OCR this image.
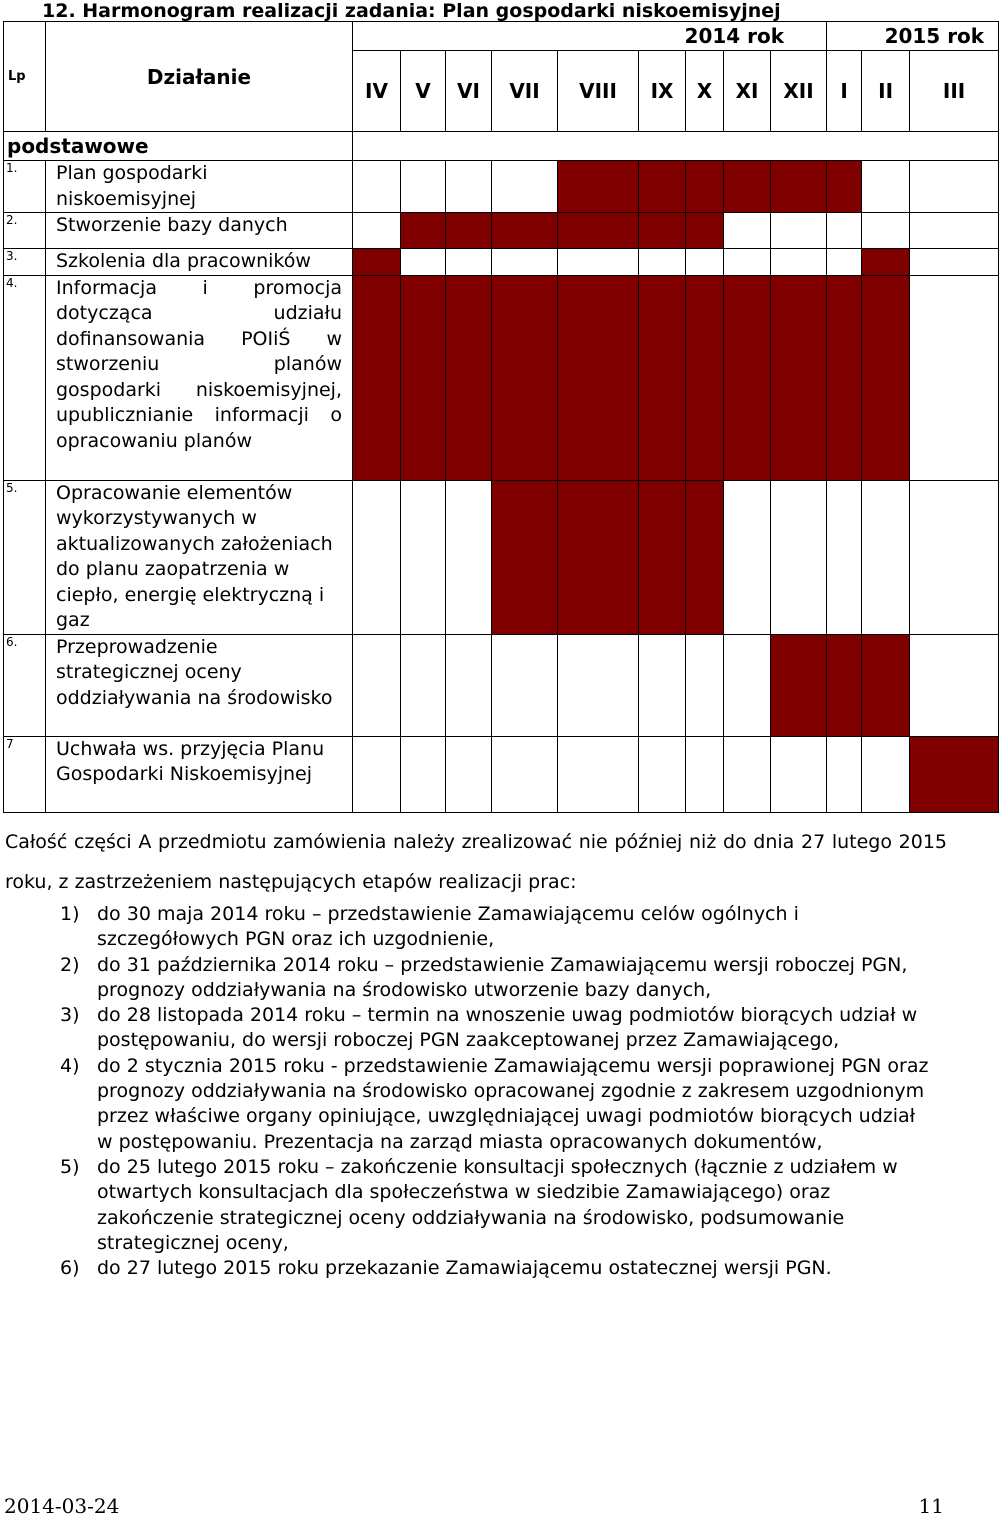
12. Harmonogram realizacji zadania: Plan gospodarki niskoemisyjnej
Lp	Działanie	2014 rok									2015 rok		
		IV	V	VI	VII	VIII	IX	X	XI	XII	I	II	III
podstawowe													
1.	Plan gospodarki niskoemisyjnej												
2.	Stworzenie bazy danych												
3.	Szkolenia dla pracowników												
4.	Informacja i promocja dotycząca udziału dofinansowania POIiŚ w stworzeniu planów gospodarki niskoemisyjnej, upublicznianie informacji o opracowaniu planów												
5.	Opracowanie elementów wykorzystywanych w aktualizowanych założeniach do planu zaopatrzenia w ciepło, energię elektryczną i gaz												
6.	Przeprowadzenie strategicznej oceny oddziaływania na środowisko												
7	Uchwała ws. przyjęcia Planu Gospodarki Niskoemisyjnej												
Całość części A przedmiotu zamówienia należy zrealizować nie później niż do dnia 27 lutego 2015 roku, z zastrzeżeniem następujących etapów realizacji prac:
1) do 30 maja 2014 roku – przedstawienie Zamawiającemu celów ogólnych i szczegółowych PGN oraz ich uzgodnienie,
2) do 31 października 2014 roku – przedstawienie Zamawiającemu wersji roboczej PGN, prognozy oddziaływania na środowisko utworzenie bazy danych,
3) do 28 listopada 2014 roku – termin na wnoszenie uwag podmiotów biorących udział w postępowaniu, do wersji roboczej PGN zaakceptowanej przez Zamawiającego,
4) do 2 stycznia 2015 roku - przedstawienie Zamawiającemu wersji poprawionej PGN oraz prognozy oddziaływania na środowisko opracowanej zgodnie z zakresem uzgodnionym przez właściwe organy opiniujące, uwzględniającej uwagi podmiotów biorących udział w postępowaniu. Prezentacja na zarząd miasta opracowanych dokumentów,
5) do 25 lutego 2015 roku – zakończenie konsultacji społecznych (łącznie z udziałem w otwartych konsultacjach dla społeczeństwa w siedzibie Zamawiającego) oraz zakończenie strategicznej oceny oddziaływania na środowisko, podsumowanie strategicznej oceny,
6) do 27 lutego 2015 roku przekazanie Zamawiającemu ostatecznej wersji PGN.
2014-03-24	11
